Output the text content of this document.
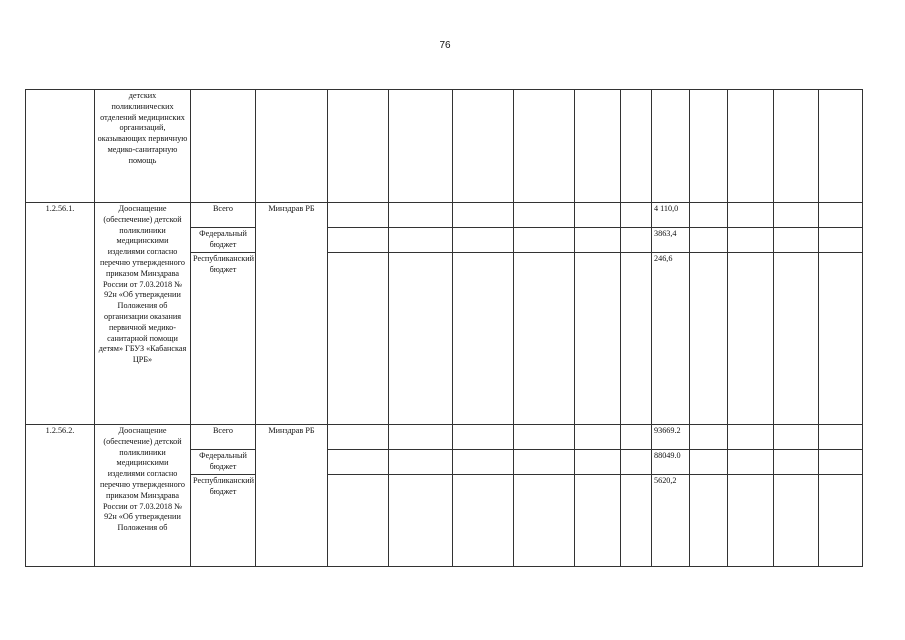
76
	детских поликлинических отделений медицинских организаций, оказывающих первичную медико-санитарную помощь													
1.2.56.1.	Дооснащение (обеспечение) детской поликлиники медицинскими изделиями согласно перечню утвержденного приказом Минздрава России от 7.03.2018 № 92н «Об утверждении Положения об организации оказания первичной медико-санитарной помощи детям» ГБУЗ «Кабанская ЦРБ»	Всего	Минздрав РБ							4 110,0				
		Федеральный бюджет								3863,4				
		Республиканский бюджет								246,6				
1.2.56.2.	Дооснащение (обеспечение) детской поликлиники медицинскими изделиями согласно перечню утвержденного приказом Минздрава России от 7.03.2018 № 92н «Об утверждении Положения об	Всего	Минздрав РБ							93669.2				
		Федеральный бюджет								88049.0				
		Республиканский бюджет								5620,2				
